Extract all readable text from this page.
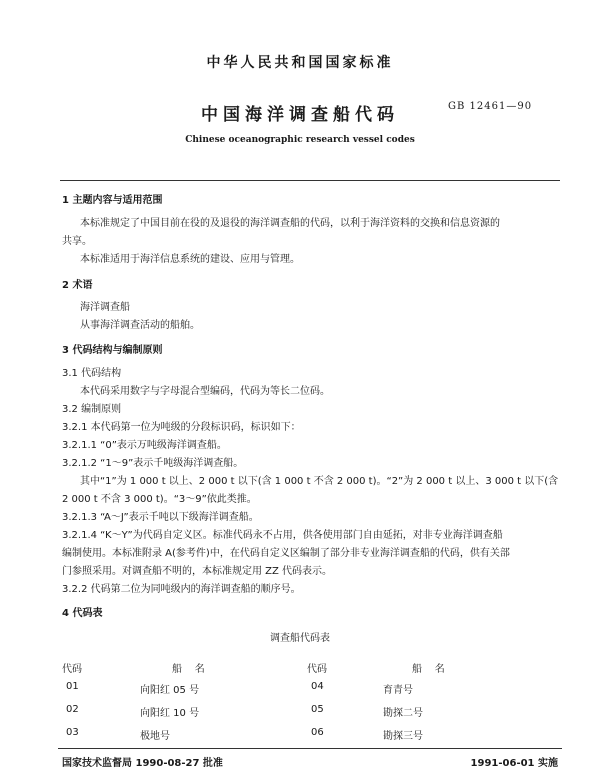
中华人民共和国国家标准
中国海洋调查船代码	GB 12461—90
Chinese oceanographic research vessel codes
1 主题内容与适用范围
本标准规定了中国目前在役的及退役的海洋调查船的代码，以利于海洋资料的交换和信息资源的
共享。
本标准适用于海洋信息系统的建设、应用与管理。
2 术语
海洋调查船
从事海洋调查活动的船舶。
3 代码结构与编制原则
3.1 代码结构
本代码采用数字与字母混合型编码，代码为等长二位码。
3.2 编制原则
3.2.1 本代码第一位为吨级的分段标识码，标识如下：
3.2.1.1 “0”表示万吨级海洋调查船。
3.2.1.2 “1～9”表示千吨级海洋调查船。
其中“1”为 1 000 t 以上、2 000 t 以下(含 1 000 t 不含 2 000 t)。“2”为 2 000 t 以上、3 000 t 以下(含
2 000 t 不含 3 000 t)。“3～9”依此类推。
3.2.1.3 “A～J”表示千吨以下级海洋调查船。
3.2.1.4 “K～Y”为代码自定义区。标准代码永不占用，供各使用部门自由延拓，对非专业海洋调查船
编制使用。本标准附录 A(参考件)中，在代码自定义区编制了部分非专业海洋调查船的代码，供有关部
门参照采用。对调查船不明的，本标准规定用 ZZ 代码表示。
3.2.2 代码第二位为同吨级内的海洋调查船的顺序号。
4 代码表
调查船代码表
代码	船    名	代码	船    名
01	向阳红 05 号	04	育青号
02	向阳红 10 号	05	勘探二号
03	极地号	06	勘探三号
国家技术监督局 1990-08-27 批准	1991-06-01 实施
